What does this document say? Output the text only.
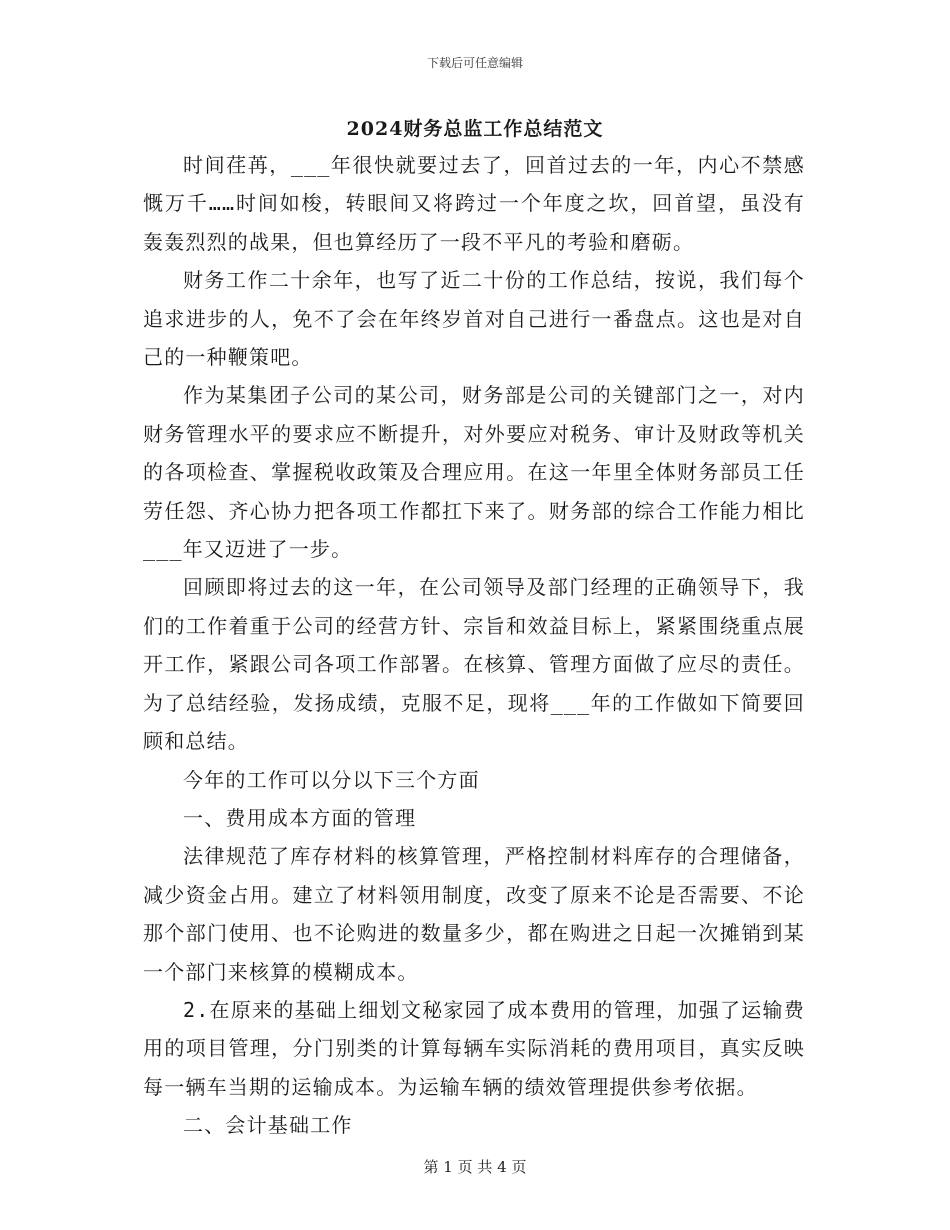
下载后可任意编辑
2024财务总监工作总结范文

时间荏苒，___年很快就要过去了，回首过去的一年，内心不禁感慨万千……时间如梭，转眼间又将跨过一个年度之坎，回首望，虽没有轰轰烈烈的战果，但也算经历了一段不平凡的考验和磨砺。

财务工作二十余年，也写了近二十份的工作总结，按说，我们每个追求进步的人，免不了会在年终岁首对自己进行一番盘点。这也是对自己的一种鞭策吧。

作为某集团子公司的某公司，财务部是公司的关键部门之一，对内财务管理水平的要求应不断提升，对外要应对税务、审计及财政等机关的各项检查、掌握税收政策及合理应用。在这一年里全体财务部员工任劳任怨、齐心协力把各项工作都扛下来了。财务部的综合工作能力相比___年又迈进了一步。

回顾即将过去的这一年，在公司领导及部门经理的正确领导下，我们的工作着重于公司的经营方针、宗旨和效益目标上，紧紧围绕重点展开工作，紧跟公司各项工作部署。在核算、管理方面做了应尽的责任。为了总结经验，发扬成绩，克服不足，现将___年的工作做如下简要回顾和总结。

今年的工作可以分以下三个方面

一、费用成本方面的管理

法律规范了库存材料的核算管理，严格控制材料库存的合理储备，减少资金占用。建立了材料领用制度，改变了原来不论是否需要、不论那个部门使用、也不论购进的数量多少，都在购进之日起一次摊销到某一个部门来核算的模糊成本。

2.在原来的基础上细划文秘家园了成本费用的管理，加强了运输费用的项目管理，分门别类的计算每辆车实际消耗的费用项目，真实反映每一辆车当期的运输成本。为运输车辆的绩效管理提供参考依据。

二、会计基础工作

第 1 页 共 4 页
